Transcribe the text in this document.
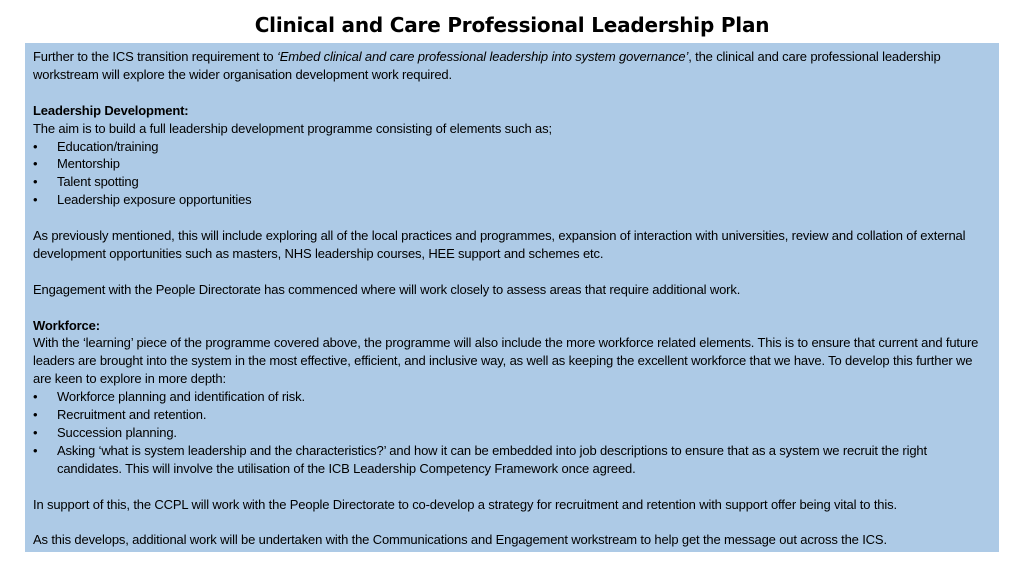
Clinical and Care Professional Leadership Plan

Further to the ICS transition requirement to ‘Embed clinical and care professional leadership into system governance’, the clinical and care professional leadership workstream will explore the wider organisation development work required.

Leadership Development:

The aim is to build a full leadership development programme consisting of elements such as;

• Education/training
• Mentorship
• Talent spotting
• Leadership exposure opportunities

As previously mentioned, this will include exploring all of the local practices and programmes, expansion of interaction with universities, review and collation of external development opportunities such as masters, NHS leadership courses, HEE support and schemes etc.

Engagement with the People Directorate has commenced where will work closely to assess areas that require additional work.

Workforce:

With the ‘learning’ piece of the programme covered above, the programme will also include the more workforce related elements. This is to ensure that current and future leaders are brought into the system in the most effective, efficient, and inclusive way, as well as keeping the excellent workforce that we have. To develop this further we are keen to explore in more depth:

• Workforce planning and identification of risk.
• Recruitment and retention.
• Succession planning.
• Asking ‘what is system leadership and the characteristics?’ and how it can be embedded into job descriptions to ensure that as a system we recruit the right candidates. This will involve the utilisation of the ICB Leadership Competency Framework once agreed.

In support of this, the CCPL will work with the People Directorate to co-develop a strategy for recruitment and retention with support offer being vital to this.

As this develops, additional work will be undertaken with the Communications and Engagement workstream to help get the message out across the ICS.
